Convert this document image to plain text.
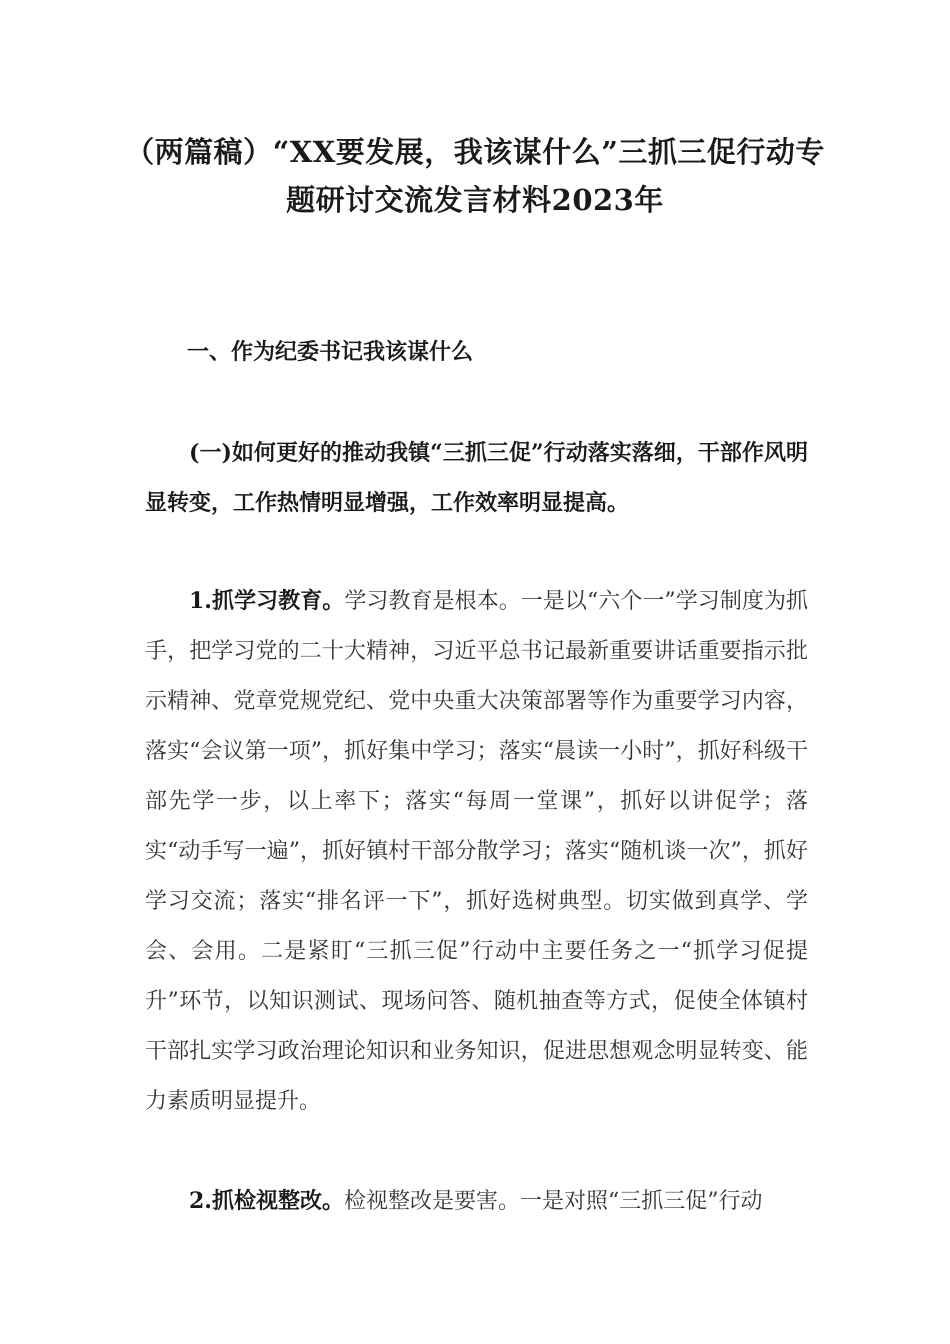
（两篇稿）“XX要发展，我该谋什么”三抓三促行动专题研讨交流发言材料2023年
一、作为纪委书记我该谋什么
(一)如何更好的推动我镇“三抓三促”行动落实落细，干部作风明显转变，工作热情明显增强，工作效率明显提高。
1.抓学习教育。学习教育是根本。一是以“六个一”学习制度为抓手，把学习党的二十大精神，习近平总书记最新重要讲话重要指示批示精神、党章党规党纪、党中央重大决策部署等作为重要学习内容，落实“会议第一项”，抓好集中学习；落实“晨读一小时”，抓好科级干部先学一步，以上率下；落实“每周一堂课”，抓好以讲促学；落实“动手写一遍”，抓好镇村干部分散学习；落实“随机谈一次”，抓好学习交流；落实“排名评一下”，抓好选树典型。切实做到真学、学会、会用。二是紧盯“三抓三促”行动中主要任务之一“抓学习促提升”环节，以知识测试、现场问答、随机抽查等方式，促使全体镇村干部扎实学习政治理论知识和业务知识，促进思想观念明显转变、能力素质明显提升。
2.抓检视整改。检视整改是要害。一是对照“三抓三促”行动
